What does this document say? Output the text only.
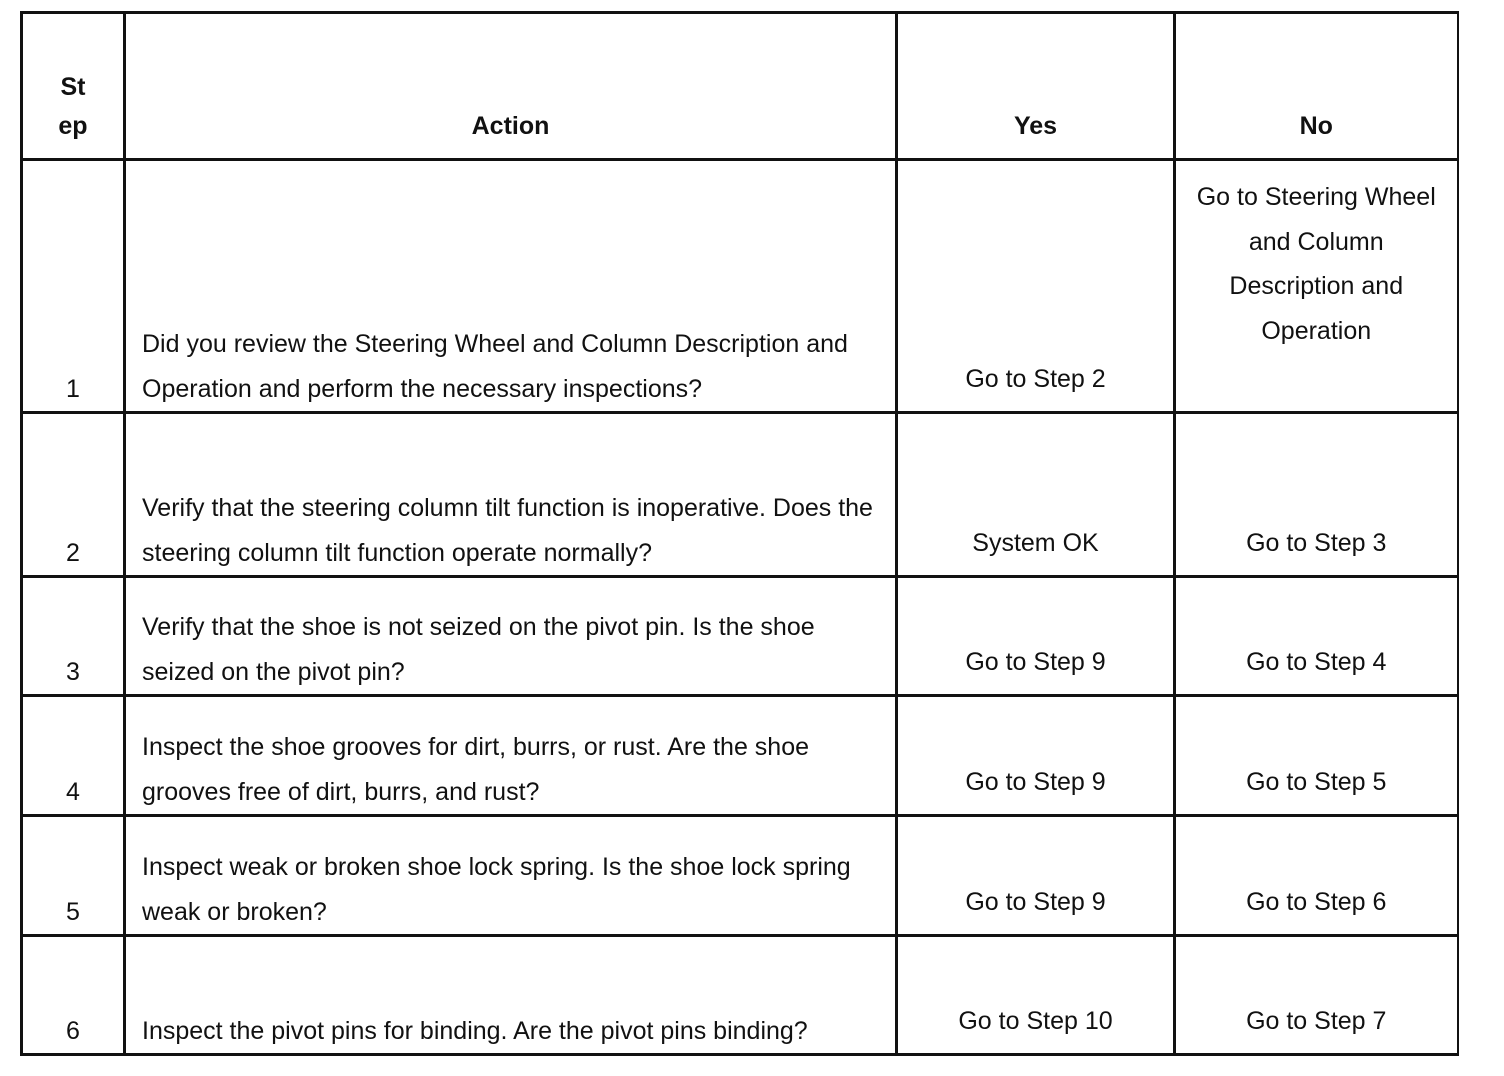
St ep	Action	Yes	No
1	Did you review the Steering Wheel and Column Description and Operation and perform the necessary inspections?	Go to Step 2	Go to Steering Wheel and Column Description and Operation
2	Verify that the steering column tilt function is inoperative. Does the steering column tilt function operate normally?	System OK	Go to Step 3
3	Verify that the shoe is not seized on the pivot pin. Is the shoe seized on the pivot pin?	Go to Step 9	Go to Step 4
4	Inspect the shoe grooves for dirt, burrs, or rust. Are the shoe grooves free of dirt, burrs, and rust?	Go to Step 9	Go to Step 5
5	Inspect weak or broken shoe lock spring. Is the shoe lock spring weak or broken?	Go to Step 9	Go to Step 6
6	Inspect the pivot pins for binding. Are the pivot pins binding?	Go to Step 10	Go to Step 7
